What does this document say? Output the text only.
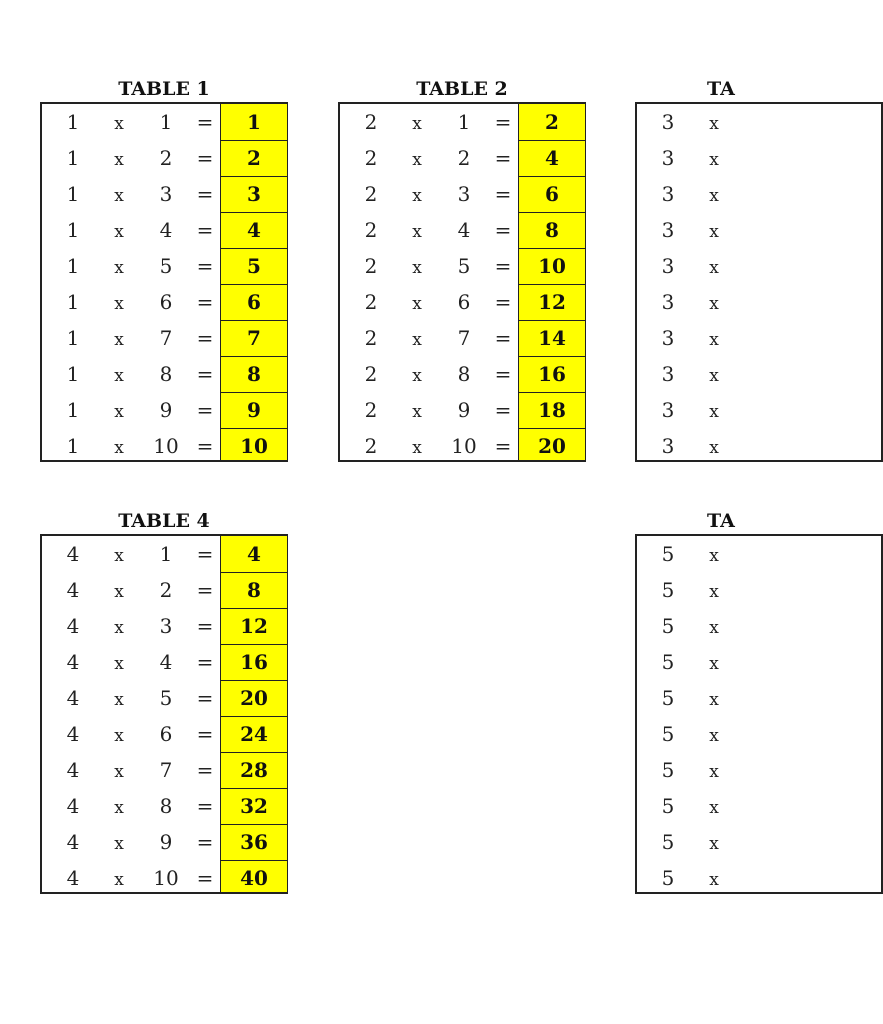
TABLE 1
1	x	1	=	1
1	x	2	=	2
1	x	3	=	3
1	x	4	=	4
1	x	5	=	5
1	x	6	=	6
1	x	7	=	7
1	x	8	=	8
1	x	9	=	9
1	x	10 =	10
TABLE 2
2	x	1	=	2
2	x	2	=	4
2	x	3	=	6
2	x	4	=	8
2	x	5	=	10
2	x	6	=	12
2	x	7	=	14
2	x	8	=	16
2	x	9	=	18
2	x	10 =	20
TA
3	x
3	x
3	x
3	x
3	x
3	x
3	x
3	x
3	x
3	x
TABLE 4
4	x	1	=	4
4	x	2	=	8
4	x	3	=	12
4	x	4	=	16
4	x	5	=	20
4	x	6	=	24
4	x	7	=	28
4	x	8	=	32
4	x	9	=	36
4	x	10 =	40
TA
5	x
5	x
5	x
5	x
5	x
5	x
5	x
5	x
5	x
5	x
